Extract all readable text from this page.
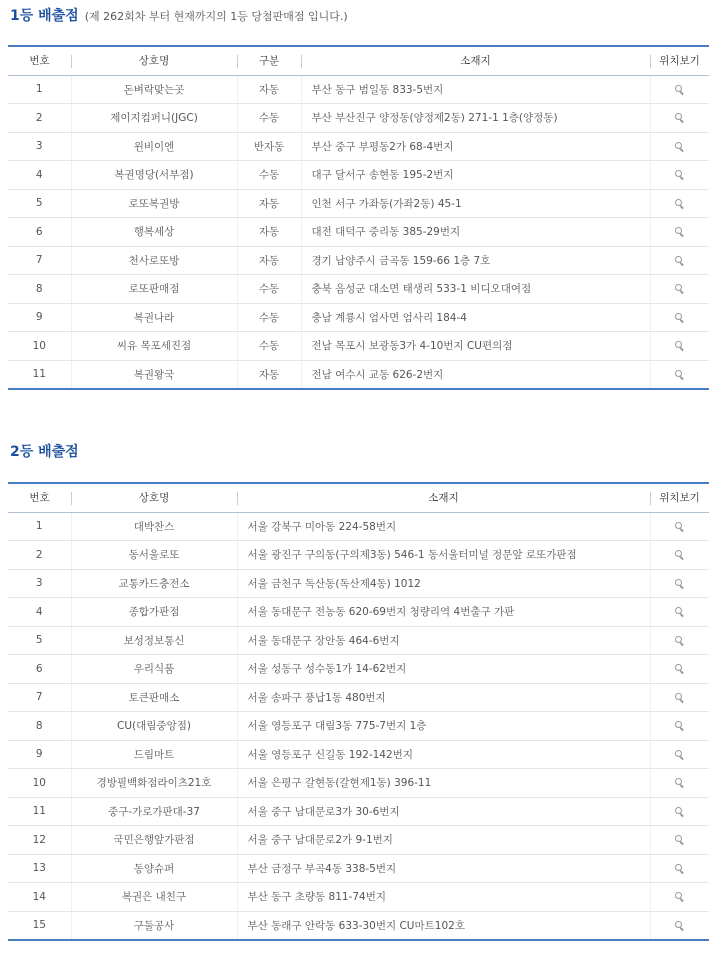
1등 배출점 (제 262회차 부터 현재까지의 1등 당첨판매점 입니다.)
번호	상호명	구분	소재지	위치보기
1	돈벼락맞는곳	자동	부산 동구 범일동 833-5번지	
2	제이지컴퍼니(JGC)	수동	부산 부산진구 양정동(양정제2동) 271-1 1층(양정동)	
3	윈비이엔	반자동	부산 중구 부평동2가 68-4번지	
4	복권명당(서부점)	수동	대구 달서구 송현동 195-2번지	
5	로또복권방	자동	인천 서구 가좌동(가좌2동) 45-1	
6	행복세상	자동	대전 대덕구 중리동 385-29번지	
7	천사로또방	자동	경기 남양주시 금곡동 159-66 1층 7호	
8	로또판매점	수동	충북 음성군 대소면 태생리 533-1 비디오대여점	
9	복권나라	수동	충남 계룡시 엄사면 엄사리 184-4	
10	씨유 목포세진점	수동	전남 목포시 보광동3가 4-10번지 CU편의점	
11	복권왕국	자동	전남 여수시 교동 626-2번지	
2등 배출점
번호	상호명	소재지	위치보기
1	대박찬스	서울 강북구 미아동 224-58번지	
2	동서울로또	서울 광진구 구의동(구의제3동) 546-1 동서울터미널 정문앞 로또가판점	
3	교통카드충전소	서울 금천구 독산동(독산제4동) 1012	
4	종합가판점	서울 동대문구 전농동 620-69번지 청량리역 4번출구 가판	
5	보성정보통신	서울 동대문구 장안동 464-6번지	
6	우리식품	서울 성동구 성수동1가 14-62번지	
7	토큰판매소	서울 송파구 풍납1동 480번지	
8	CU(대림중앙점)	서울 영등포구 대림3동 775-7번지 1층	
9	드림마트	서울 영등포구 신길동 192-142번지	
10	경방필백화점라이츠21호	서울 은평구 갈현동(갈현제1동) 396-11	
11	중구-가로가판대-37	서울 중구 남대문로3가 30-6번지	
12	국민은행앞가판점	서울 중구 남대문로2가 9-1번지	
13	동양슈퍼	부산 금정구 부곡4동 338-5번지	
14	복권은 내친구	부산 동구 초량동 811-74번지	
15	구둘공사	부산 동래구 안락동 633-30번지 CU마트102호	
